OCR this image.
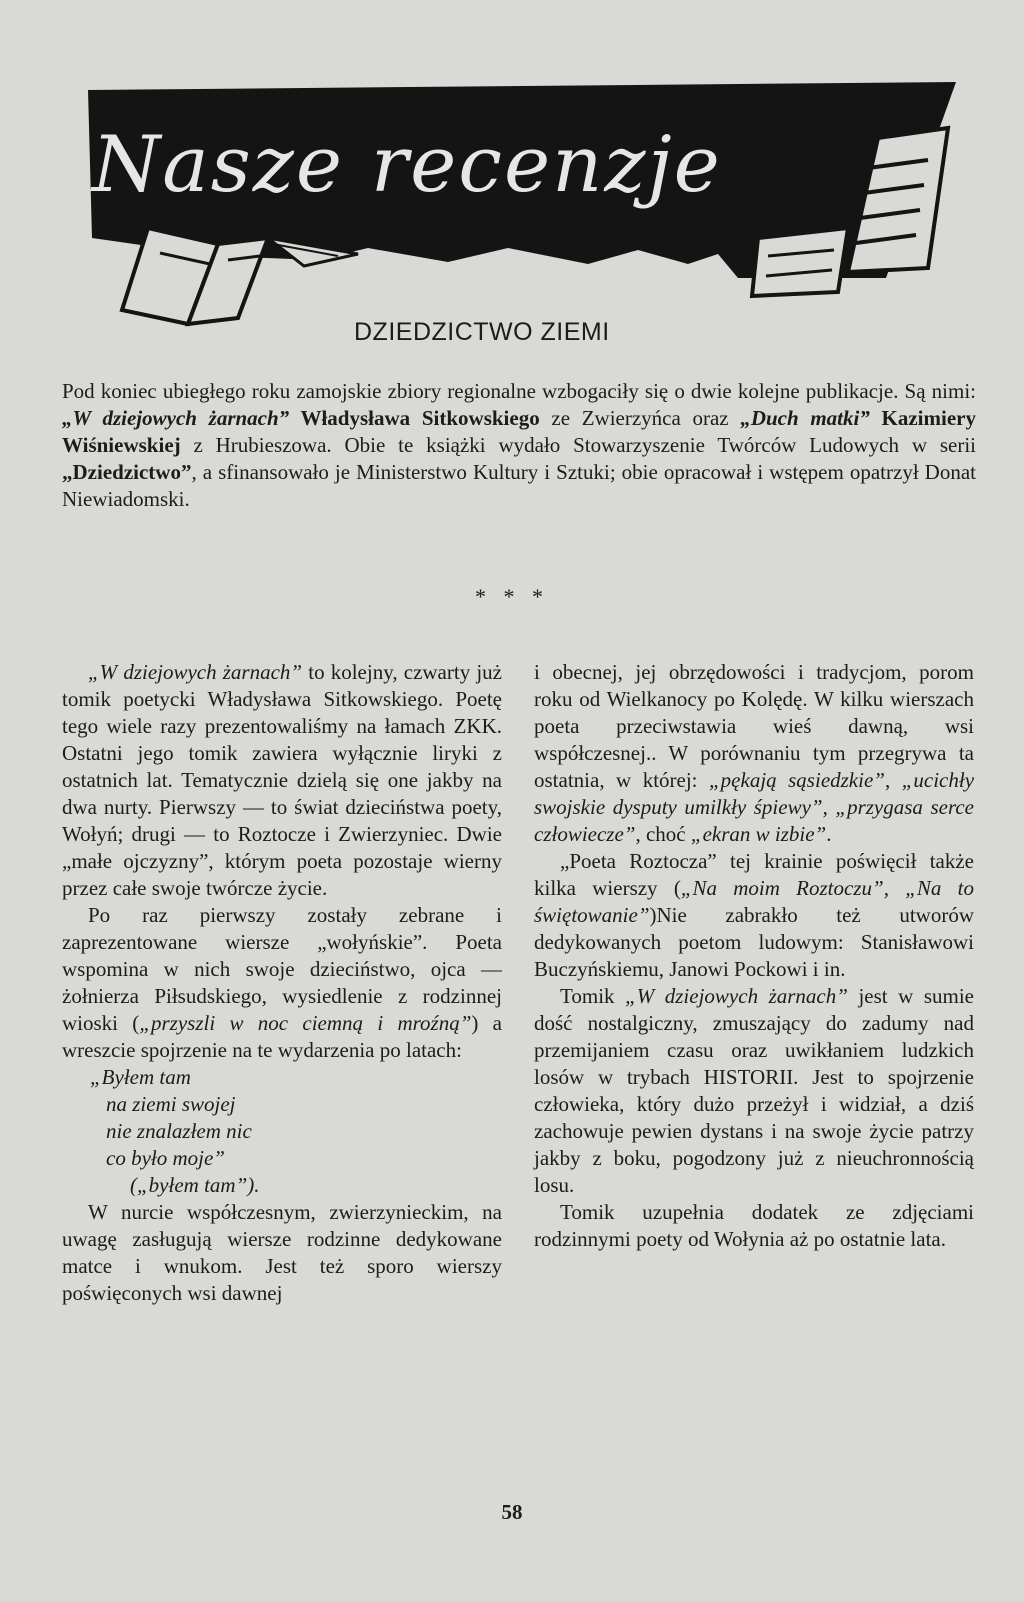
Nasze recenzje
DZIEDZICTWO ZIEMI
Pod koniec ubiegłego roku zamojskie zbiory regionalne wzbogaciły się o dwie kolejne publikacje. Są nimi: „W dziejowych żarnach” Władysława Sitkowskiego ze Zwierzyńca oraz „Duch matki” Kazimiery Wiśniewskiej z Hrubieszowa. Obie te książki wydało Stowarzyszenie Twórców Ludowych w serii „Dziedzictwo”, a sfinansowało je Ministerstwo Kultury i Sztuki; obie opracował i wstępem opatrzył Donat Niewiadomski.
* * *

„W dziejowych żarnach” to kolejny, czwarty już tomik poetycki Władysława Sitkowskiego. Poetę tego wiele razy prezentowaliśmy na łamach ZKK. Ostatni jego tomik zawiera wyłącznie liryki z ostatnich lat. Tematycznie dzielą się one jakby na dwa nurty. Pierwszy — to świat dzieciństwa poety, Wołyń; drugi — to Roztocze i Zwierzyniec. Dwie „małe ojczyzny”, którym poeta pozostaje wierny przez całe swoje twórcze życie.

Po raz pierwszy zostały zebrane i zaprezentowane wiersze „wołyńskie”. Poeta wspomina w nich swoje dzieciństwo, ojca — żołnierza Piłsudskiego, wysiedlenie z rodzinnej wioski („przyszli w noc ciemną i mroźną”) a wreszcie spojrzenie na te wydarzenia po latach:

„Byłem tam
na ziemi swojej
nie znalazłem nic
co było moje”
(„byłem tam”).

W nurcie współczesnym, zwierzynieckim, na uwagę zasługują wiersze rodzinne dedykowane matce i wnukom. Jest też sporo wierszy poświęconych wsi dawnej

i obecnej, jej obrzędowości i tradycjom, porom roku od Wielkanocy po Kolędę. W kilku wierszach poeta przeciwstawia wieś dawną, wsi współczesnej.. W porównaniu tym przegrywa ta ostatnia, w której: „pękają sąsiedzkie”, „ucichły swojskie dysputy umilkły śpiewy”, „przygasa serce człowiecze”, choć „ekran w izbie”.

„Poeta Roztocza” tej krainie poświęcił także kilka wierszy („Na moim Roztoczu”, „Na to świętowanie”)Nie zabrakło też utworów dedykowanych poetom ludowym: Stanisławowi Buczyńskiemu, Janowi Pockowi i in.

Tomik „W dziejowych żarnach” jest w sumie dość nostalgiczny, zmuszający do zadumy nad przemijaniem czasu oraz uwikłaniem ludzkich losów w trybach HISTORII. Jest to spojrzenie człowieka, który dużo przeżył i widział, a dziś zachowuje pewien dystans i na swoje życie patrzy jakby z boku, pogodzony już z nieuchronnością losu.

Tomik uzupełnia dodatek ze zdjęciami rodzinnymi poety od Wołynia aż po ostatnie lata.

58
